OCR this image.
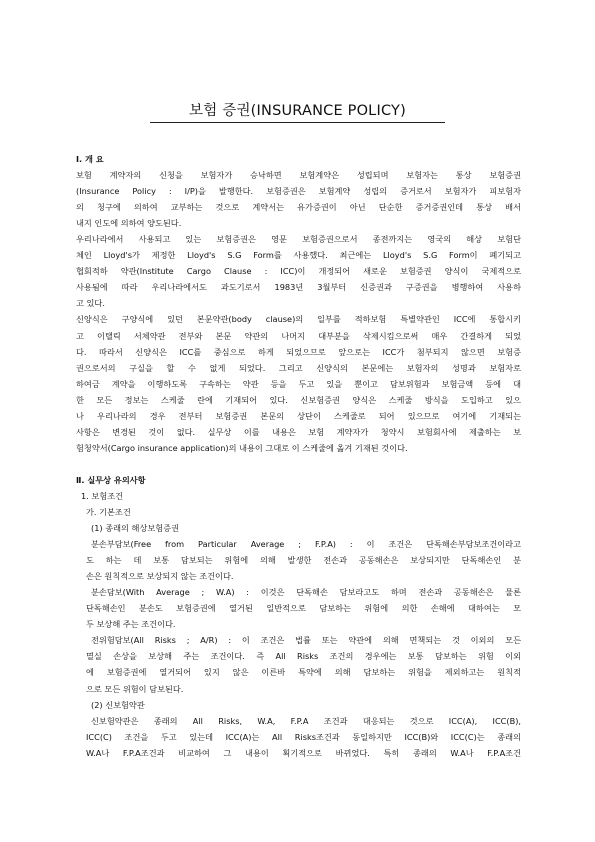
보험 증권(INSURANCE POLICY)
Ⅰ. 개 요
보험 계약자의 신청을 보험자가 승낙하면 보험계약은 성립되며 보험자는 통상 보험증권
(Insurance Policy : I/P)을 발행한다. 보험증권은 보험계약 성립의 증거로서 보험자가 피보험자
의 청구에 의하여 교부하는 것으로 계약서는 유가증권이 아닌 단순한 증거증권인데 통상 배서
내지 인도에 의하여 양도된다.
우리나라에서 사용되고 있는 보험증권은 영문 보험증권으로서 종전까지는 영국의 해상 보험단
체인 Lloyd's가 제정한 Lloyd's S.G Form를 사용했다. 최근에는 Lloyd's S.G Form이 폐기되고
협회적하 약관(Institute Cargo Clause : ICC)이 개정되어 새로운 보험증권 양식이 국제적으로
사용됨에 따라 우리나라에서도 과도기로서 1983년 3월부터 신증권과 구증권을 병행하여 사용하
고 있다.
신양식은 구양식에 있던 본문약관(body clause)의 일부를 적하보험 특별약관인 ICC에 통합시키
고 이탤릭 서체약관 전부와 본문 약관의 나머지 대부분을 삭제시킴으로써 매우 간결하게 되었
다. 따라서 신양식은 ICC를 중심으로 하게 되었으므로 앞으로는 ICC가 첨부되지 않으면 보험증
권으로서의 구실을 할 수 없게 되었다. 그리고 신양식의 본문에는 보험자의 성명과 보험자로
하여금 계약을 이행하도록 구속하는 약관 등을 두고 있을 뿐이고 담보위험과 보험금액 등에 대
한 모든 정보는 스케줄 란에 기재되어 있다. 신보험증권 양식은 스케줄 방식을 도입하고 있으
나 우리나라의 경우 전부터 보험증권 본문의 상단이 스케줄로 되어 있으므로 여기에 기재되는
사항은 변경된 것이 없다. 실무상 이를 내용은 보험 계약자가 청약시 보험회사에 제출하는 보
험청약서(Cargo insurance application)의 내용이 그대로 이 스케줄에 옮겨 기재된 것이다.
Ⅱ. 실무상 유의사항
1. 보험조건
가. 기본조건
(1) 종래의 해상보험증권
분손부담보(Free from Particular Average ; F.P.A) : 이 조건은 단독해손부담보조건이라고
도 하는 데 보통 담보되는 위험에 의해 발생한 전손과 공동해손은 보상되지만 단독해손인 분
손은 원칙적으로 보상되지 않는 조건이다.
분손담보(With Average ; W.A) : 이것은 단독해손 담보라고도 하며 전손과 공동해손은 물론
단독해손인 분손도 보험증권에 열거된 일반적으로 담보하는 위험에 의한 손해에 대하여는 모
두 보상해 주는 조건이다.
전위험담보(All Risks ; A/R) : 이 조건은 법률 또는 약관에 의해 면책되는 것 이외의 모든
멸실 손상을 보상해 주는 조건이다. 즉 All Risks 조건의 경우에는 보통 담보하는 위험 이외
에 보험증권에 열거되어 있지 않은 이른바 특약에 의해 담보하는 위험을 제외하고는 원칙적
으로 모든 위험이 담보된다.
(2) 신보험약관
신보험약관은 종래의 All Risks, W.A, F.P.A 조건과 대응되는 것으로 ICC(A), ICC(B),
ICC(C) 조건을 두고 있는데 ICC(A)는 All Risks조건과 동일하지만 ICC(B)와 ICC(C)는 종래의
W.A나 F.P.A조건과 비교하여 그 내용이 획기적으로 바뀌었다. 특히 종래의 W.A나 F.P.A조건
